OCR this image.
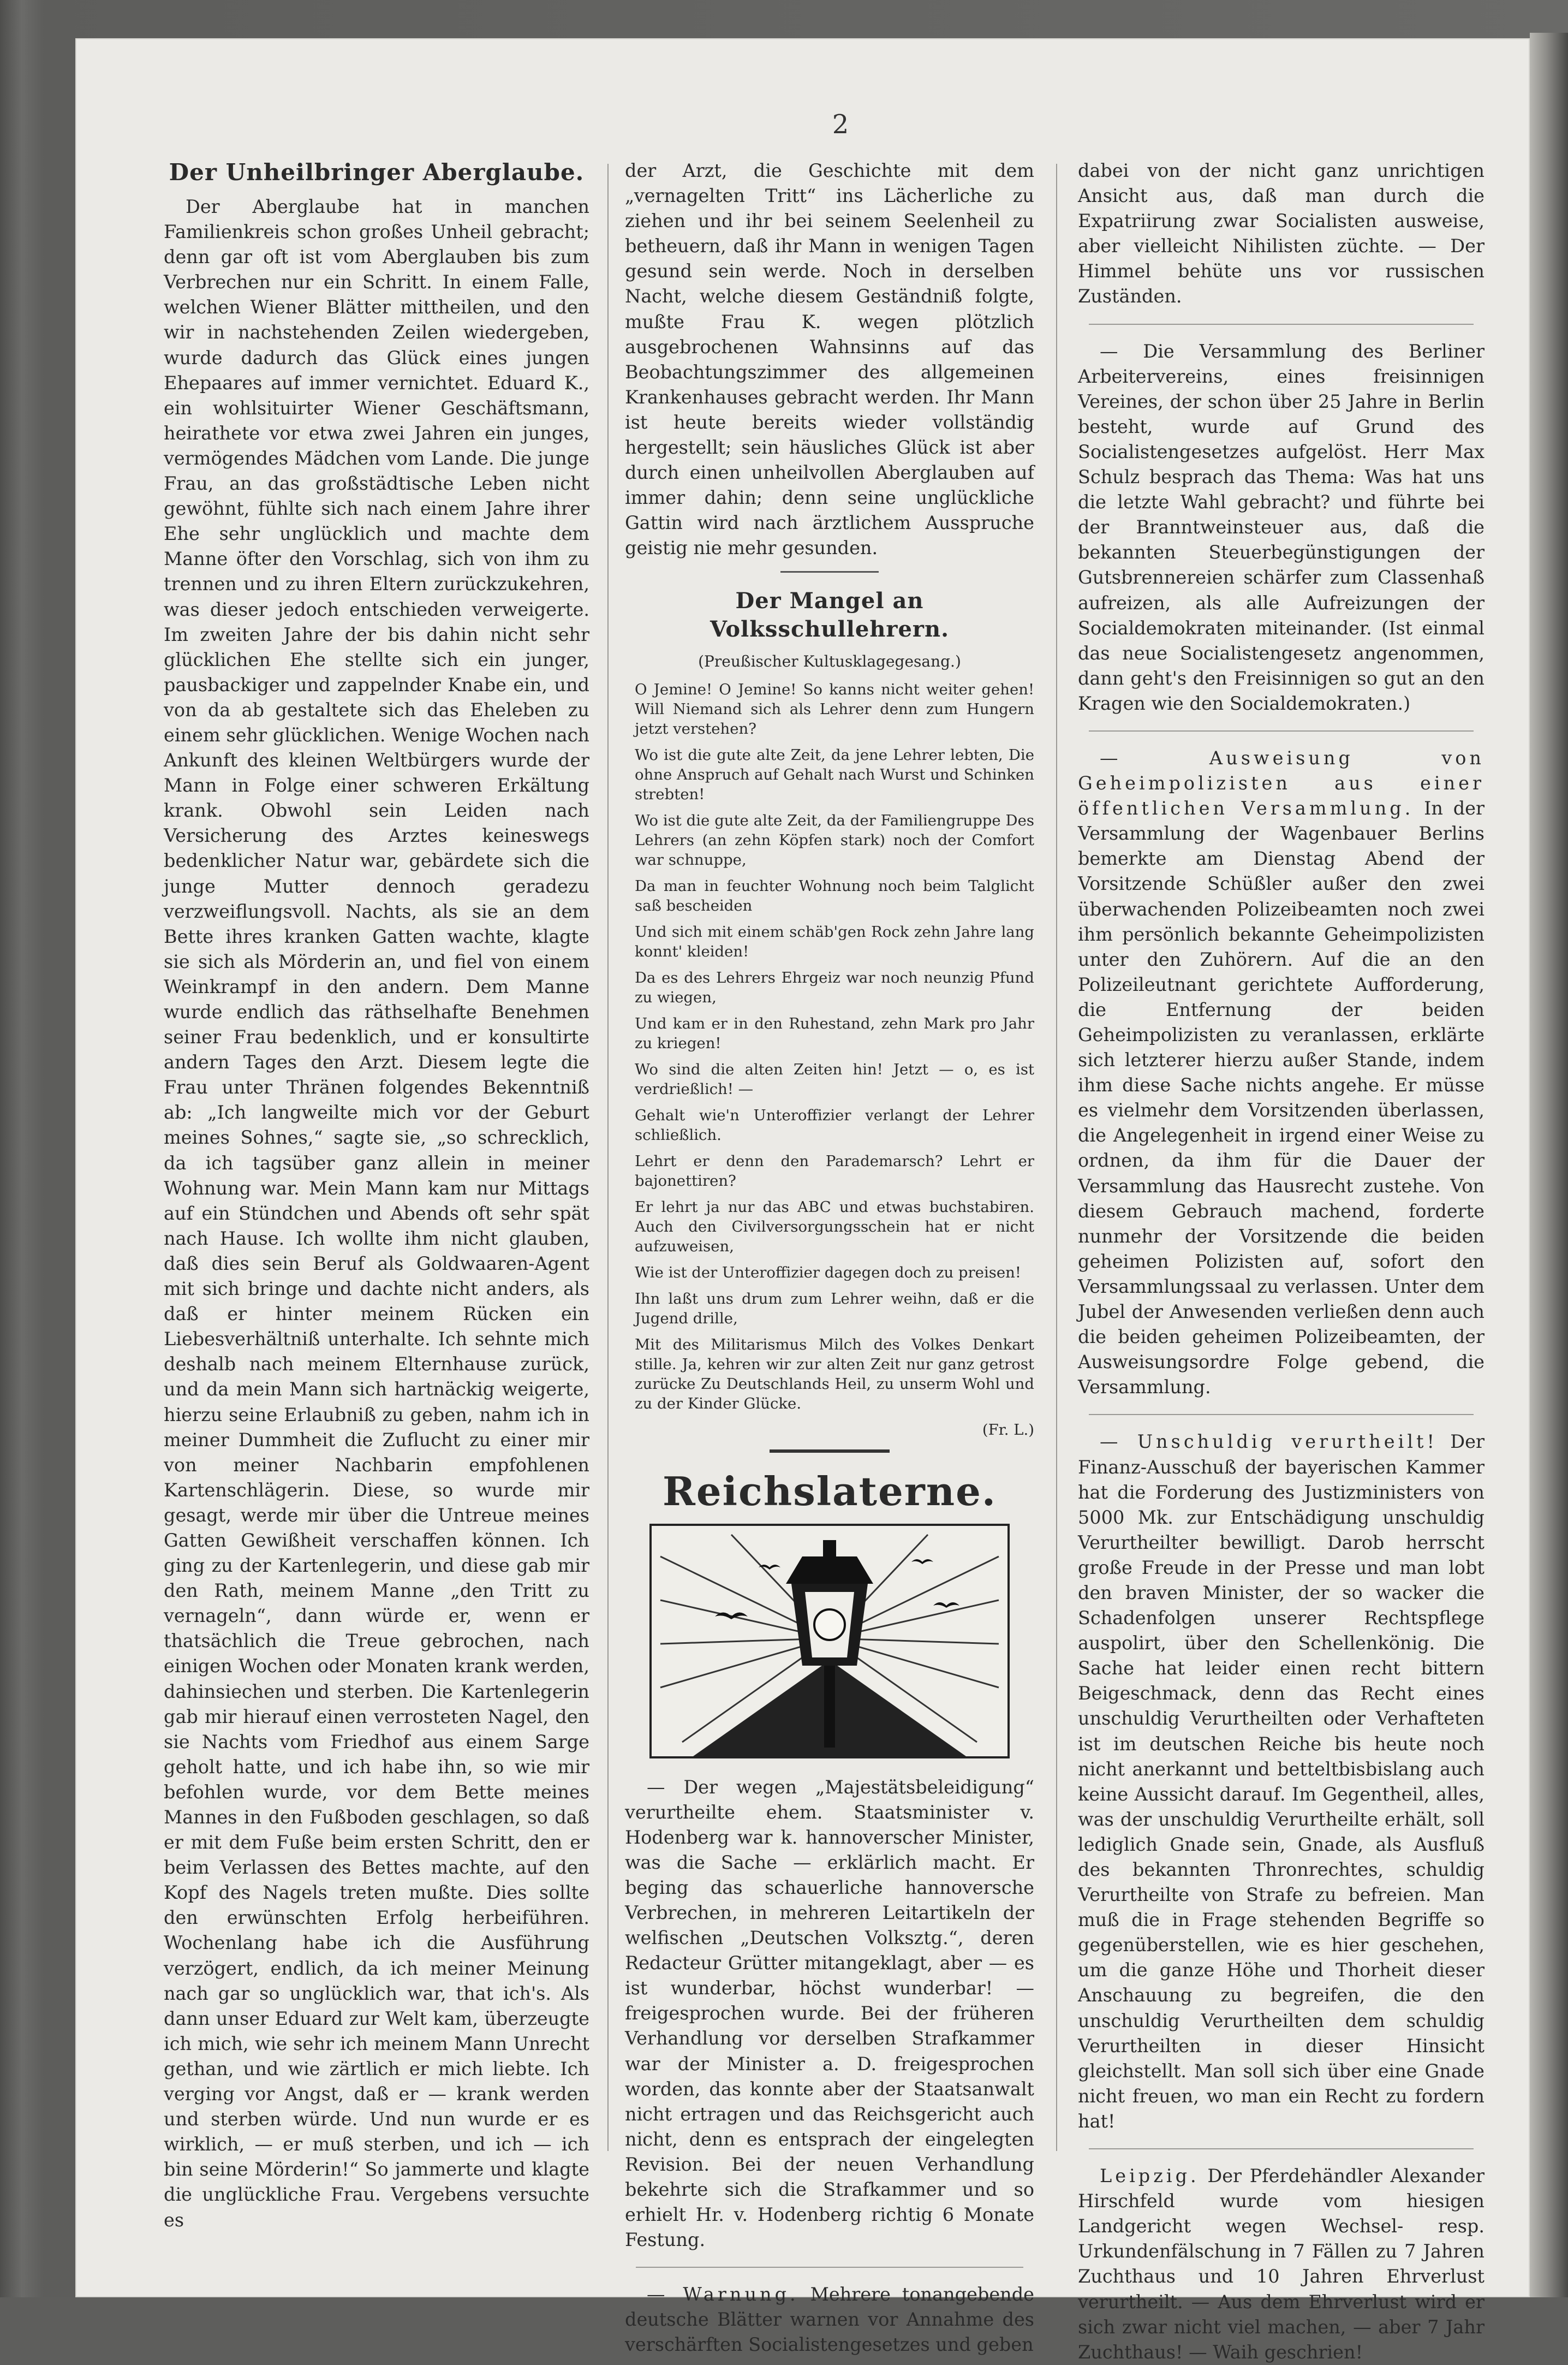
2
Der Unheilbringer Aberglaube.

Der Aberglaube hat in manchen Familienkreis schon großes Unheil gebracht; denn gar oft ist vom Aberglauben bis zum Verbrechen nur ein Schritt. In einem Falle, welchen Wiener Blätter mittheilen, und den wir in nachstehenden Zeilen wiedergeben, wurde dadurch das Glück eines jungen Ehepaares auf immer vernichtet. Eduard K., ein wohlsituirter Wiener Geschäftsmann, heirathete vor etwa zwei Jahren ein junges, vermögendes Mädchen vom Lande. Die junge Frau, an das großstädtische Leben nicht gewöhnt, fühlte sich nach einem Jahre ihrer Ehe sehr unglücklich und machte dem Manne öfter den Vorschlag, sich von ihm zu trennen und zu ihren Eltern zurückzukehren, was dieser jedoch entschieden verweigerte. Im zweiten Jahre der bis dahin nicht sehr glücklichen Ehe stellte sich ein junger, pausbackiger und zappelnder Knabe ein, und von da ab gestaltete sich das Eheleben zu einem sehr glücklichen. Wenige Wochen nach Ankunft des kleinen Weltbürgers wurde der Mann in Folge einer schweren Erkältung krank. Obwohl sein Leiden nach Versicherung des Arztes keineswegs bedenklicher Natur war, gebärdete sich die junge Mutter dennoch geradezu verzweiflungsvoll. Nachts, als sie an dem Bette ihres kranken Gatten wachte, klagte sie sich als Mörderin an, und fiel von einem Weinkrampf in den andern. Dem Manne wurde endlich das räthselhafte Benehmen seiner Frau bedenklich, und er konsultirte andern Tages den Arzt. Diesem legte die Frau unter Thränen folgendes Bekenntniß ab: „Ich langweilte mich vor der Geburt meines Sohnes,“ sagte sie, „so schrecklich, da ich tagsüber ganz allein in meiner Wohnung war. Mein Mann kam nur Mittags auf ein Stündchen und Abends oft sehr spät nach Hause. Ich wollte ihm nicht glauben, daß dies sein Beruf als Goldwaaren-Agent mit sich bringe und dachte nicht anders, als daß er hinter meinem Rücken ein Liebesverhältniß unterhalte. Ich sehnte mich deshalb nach meinem Elternhause zurück, und da mein Mann sich hartnäckig weigerte, hierzu seine Erlaubniß zu geben, nahm ich in meiner Dummheit die Zuflucht zu einer mir von meiner Nachbarin empfohlenen Kartenschlägerin. Diese, so wurde mir gesagt, werde mir über die Untreue meines Gatten Gewißheit verschaffen können. Ich ging zu der Kartenlegerin, und diese gab mir den Rath, meinem Manne „den Tritt zu vernageln“, dann würde er, wenn er thatsächlich die Treue gebrochen, nach einigen Wochen oder Monaten krank werden, dahinsiechen und sterben. Die Kartenlegerin gab mir hierauf einen verrosteten Nagel, den sie Nachts vom Friedhof aus einem Sarge geholt hatte, und ich habe ihn, so wie mir befohlen wurde, vor dem Bette meines Mannes in den Fußboden geschlagen, so daß er mit dem Fuße beim ersten Schritt, den er beim Verlassen des Bettes machte, auf den Kopf des Nagels treten mußte. Dies sollte den erwünschten Erfolg herbeiführen. Wochenlang habe ich die Ausführung verzögert, endlich, da ich meiner Meinung nach gar so unglücklich war, that ich's. Als dann unser Eduard zur Welt kam, überzeugte ich mich, wie sehr ich meinem Mann Unrecht gethan, und wie zärtlich er mich liebte. Ich verging vor Angst, daß er — krank werden und sterben würde. Und nun wurde er es wirklich, — er muß sterben, und ich — ich bin seine Mörderin!“ So jammerte und klagte die unglückliche Frau. Vergebens versuchte es

der Arzt, die Geschichte mit dem „vernagelten Tritt“ ins Lächerliche zu ziehen und ihr bei seinem Seelenheil zu betheuern, daß ihr Mann in wenigen Tagen gesund sein werde. Noch in derselben Nacht, welche diesem Geständniß folgte, mußte Frau K. wegen plötzlich ausgebrochenen Wahnsinns auf das Beobachtungszimmer des allgemeinen Krankenhauses gebracht werden. Ihr Mann ist heute bereits wieder vollständig hergestellt; sein häusliches Glück ist aber durch einen unheilvollen Aberglauben auf immer dahin; denn seine unglückliche Gattin wird nach ärztlichem Ausspruche geistig nie mehr gesunden.

Der Mangel an Volksschullehrern.
(Preußischer Kultusklagegesang.)

O Jemine! O Jemine! So kanns nicht weiter gehen! Will Niemand sich als Lehrer denn zum Hungern jetzt verstehen?

Wo ist die gute alte Zeit, da jene Lehrer lebten, Die ohne Anspruch auf Gehalt nach Wurst und Schinken strebten!

Wo ist die gute alte Zeit, da der Familiengruppe Des Lehrers (an zehn Köpfen stark) noch der Comfort war schnuppe,

Da man in feuchter Wohnung noch beim Talglicht saß bescheiden

Und sich mit einem schäb'gen Rock zehn Jahre lang konnt' kleiden!

Da es des Lehrers Ehrgeiz war noch neunzig Pfund zu wiegen,

Und kam er in den Ruhestand, zehn Mark pro Jahr zu kriegen!

Wo sind die alten Zeiten hin! Jetzt — o, es ist verdrießlich! —

Gehalt wie'n Unteroffizier verlangt der Lehrer schließlich.

Lehrt er denn den Parademarsch? Lehrt er bajonettiren?

Er lehrt ja nur das ABC und etwas buchstabiren. Auch den Civilversorgungsschein hat er nicht aufzuweisen,

Wie ist der Unteroffizier dagegen doch zu preisen!

Ihn laßt uns drum zum Lehrer weihn, daß er die Jugend drille,

Mit des Militarismus Milch des Volkes Denkart stille. Ja, kehren wir zur alten Zeit nur ganz getrost zurücke Zu Deutschlands Heil, zu unserm Wohl und zu der Kinder Glücke.

(Fr. L.)
Reichslaterne.

— Der wegen „Majestätsbeleidigung“ verurtheilte ehem. Staatsminister v. Hodenberg war k. hannoverscher Minister, was die Sache — erklärlich macht. Er beging das schauerliche hannoversche Verbrechen, in mehreren Leitartikeln der welfischen „Deutschen Volksztg.“, deren Redacteur Grütter mitangeklagt, aber — es ist wunderbar, höchst wunderbar! — freigesprochen wurde. Bei der früheren Verhandlung vor derselben Strafkammer war der Minister a. D. freigesprochen worden, das konnte aber der Staatsanwalt nicht ertragen und das Reichsgericht auch nicht, denn es entsprach der eingelegten Revision. Bei der neuen Verhandlung bekehrte sich die Strafkammer und so erhielt Hr. v. Hodenberg richtig 6 Monate Festung.

— Warnung. Mehrere tonangebende deutsche Blätter warnen vor Annahme des verschärften Socialistengesetzes und geben

dabei von der nicht ganz unrichtigen Ansicht aus, daß man durch die Expatriirung zwar Socialisten ausweise, aber vielleicht Nihilisten züchte. — Der Himmel behüte uns vor russischen Zuständen.

— Die Versammlung des Berliner Arbeitervereins, eines freisinnigen Vereines, der schon über 25 Jahre in Berlin besteht, wurde auf Grund des Socialistengesetzes aufgelöst. Herr Max Schulz besprach das Thema: Was hat uns die letzte Wahl gebracht? und führte bei der Branntweinsteuer aus, daß die bekannten Steuerbegünstigungen der Gutsbrennereien schärfer zum Classenhaß aufreizen, als alle Aufreizungen der Socialdemokraten miteinander. (Ist einmal das neue Socialistengesetz angenommen, dann geht's den Freisinnigen so gut an den Kragen wie den Socialdemokraten.)

— Ausweisung von Geheimpolizisten aus einer öffentlichen Versammlung. In der Versammlung der Wagenbauer Berlins bemerkte am Dienstag Abend der Vorsitzende Schüßler außer den zwei überwachenden Polizeibeamten noch zwei ihm persönlich bekannte Geheimpolizisten unter den Zuhörern. Auf die an den Polizeileutnant gerichtete Aufforderung, die Entfernung der beiden Geheimpolizisten zu veranlassen, erklärte sich letzterer hierzu außer Stande, indem ihm diese Sache nichts angehe. Er müsse es vielmehr dem Vorsitzenden überlassen, die Angelegenheit in irgend einer Weise zu ordnen, da ihm für die Dauer der Versammlung das Hausrecht zustehe. Von diesem Gebrauch machend, forderte nunmehr der Vorsitzende die beiden geheimen Polizisten auf, sofort den Versammlungssaal zu verlassen. Unter dem Jubel der Anwesenden verließen denn auch die beiden geheimen Polizeibeamten, der Ausweisungsordre Folge gebend, die Versammlung.

— Unschuldig verurtheilt! Der Finanz-Ausschuß der bayerischen Kammer hat die Forderung des Justizministers von 5000 Mk. zur Entschädigung unschuldig Verurtheilter bewilligt. Darob herrscht große Freude in der Presse und man lobt den braven Minister, der so wacker die Schadenfolgen unserer Rechtspflege auspolirt, über den Schellenkönig. Die Sache hat leider einen recht bittern Beigeschmack, denn das Recht eines unschuldig Verurtheilten oder Verhafteten ist im deutschen Reiche bis heute noch nicht anerkannt und betteltbisbislang auch keine Aussicht darauf. Im Gegentheil, alles, was der unschuldig Verurtheilte erhält, soll lediglich Gnade sein, Gnade, als Ausfluß des bekannten Thronrechtes, schuldig Verurtheilte von Strafe zu befreien. Man muß die in Frage stehenden Begriffe so gegenüberstellen, wie es hier geschehen, um die ganze Höhe und Thorheit dieser Anschauung zu begreifen, die den unschuldig Verurtheilten dem schuldig Verurtheilten in dieser Hinsicht gleichstellt. Man soll sich über eine Gnade nicht freuen, wo man ein Recht zu fordern hat!

Leipzig. Der Pferdehändler Alexander Hirschfeld wurde vom hiesigen Landgericht wegen Wechsel- resp. Urkundenfälschung in 7 Fällen zu 7 Jahren Zuchthaus und 10 Jahren Ehrverlust verurtheilt. — Aus dem Ehrverlust wird er sich zwar nicht viel machen, — aber 7 Jahr Zuchthaus! — Waih geschrien!
